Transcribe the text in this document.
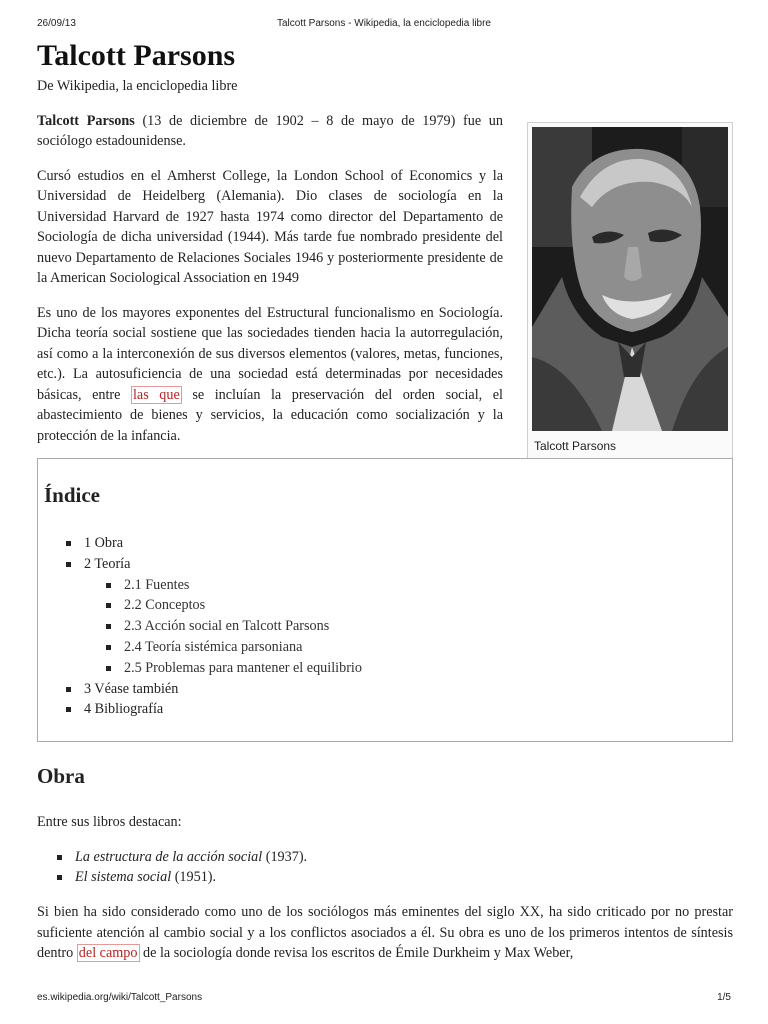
26/09/13	Talcott Parsons - Wikipedia, la enciclopedia libre
Talcott Parsons

De Wikipedia, la enciclopedia libre

Talcott Parsons (13 de diciembre de 1902 – 8 de mayo de 1979) fue un sociólogo estadounidense.

Cursó estudios en el Amherst College, la London School of Economics y la Universidad de Heidelberg (Alemania). Dio clases de sociología en la Universidad Harvard de 1927 hasta 1974 como director del Departamento de Sociología de dicha universidad (1944). Más tarde fue nombrado presidente del nuevo Departamento de Relaciones Sociales 1946 y posteriormente presidente de la American Sociological Association en 1949

Es uno de los mayores exponentes del Estructural funcionalismo en Sociología. Dicha teoría social sostiene que las sociedades tienden hacia la autorregulación, así como a la interconexión de sus diversos elementos (valores, metas, funciones, etc.). La autosuficiencia de una sociedad está determinadas por necesidades básicas, entre las que se incluían la preservación del orden social, el abastecimiento de bienes y servicios, la educación como socialización y la protección de la infancia.

Talcott Parsons
Índice
1 Obra
2 Teoría
2.1 Fuentes
2.2 Conceptos
2.3 Acción social en Talcott Parsons
2.4 Teoría sistémica parsoniana
2.5 Problemas para mantener el equilibrio
3 Véase también
4 Bibliografía
Obra

Entre sus libros destacan:

La estructura de la acción social (1937).
El sistema social (1951).

Si bien ha sido considerado como uno de los sociólogos más eminentes del siglo XX, ha sido criticado por no prestar suficiente atención al cambio social y a los conflictos asociados a él. Su obra es uno de los primeros intentos de síntesis dentro del campo de la sociología donde revisa los escritos de Émile Durkheim y Max Weber,

es.wikipedia.org/wiki/Talcott_Parsons	1/5
